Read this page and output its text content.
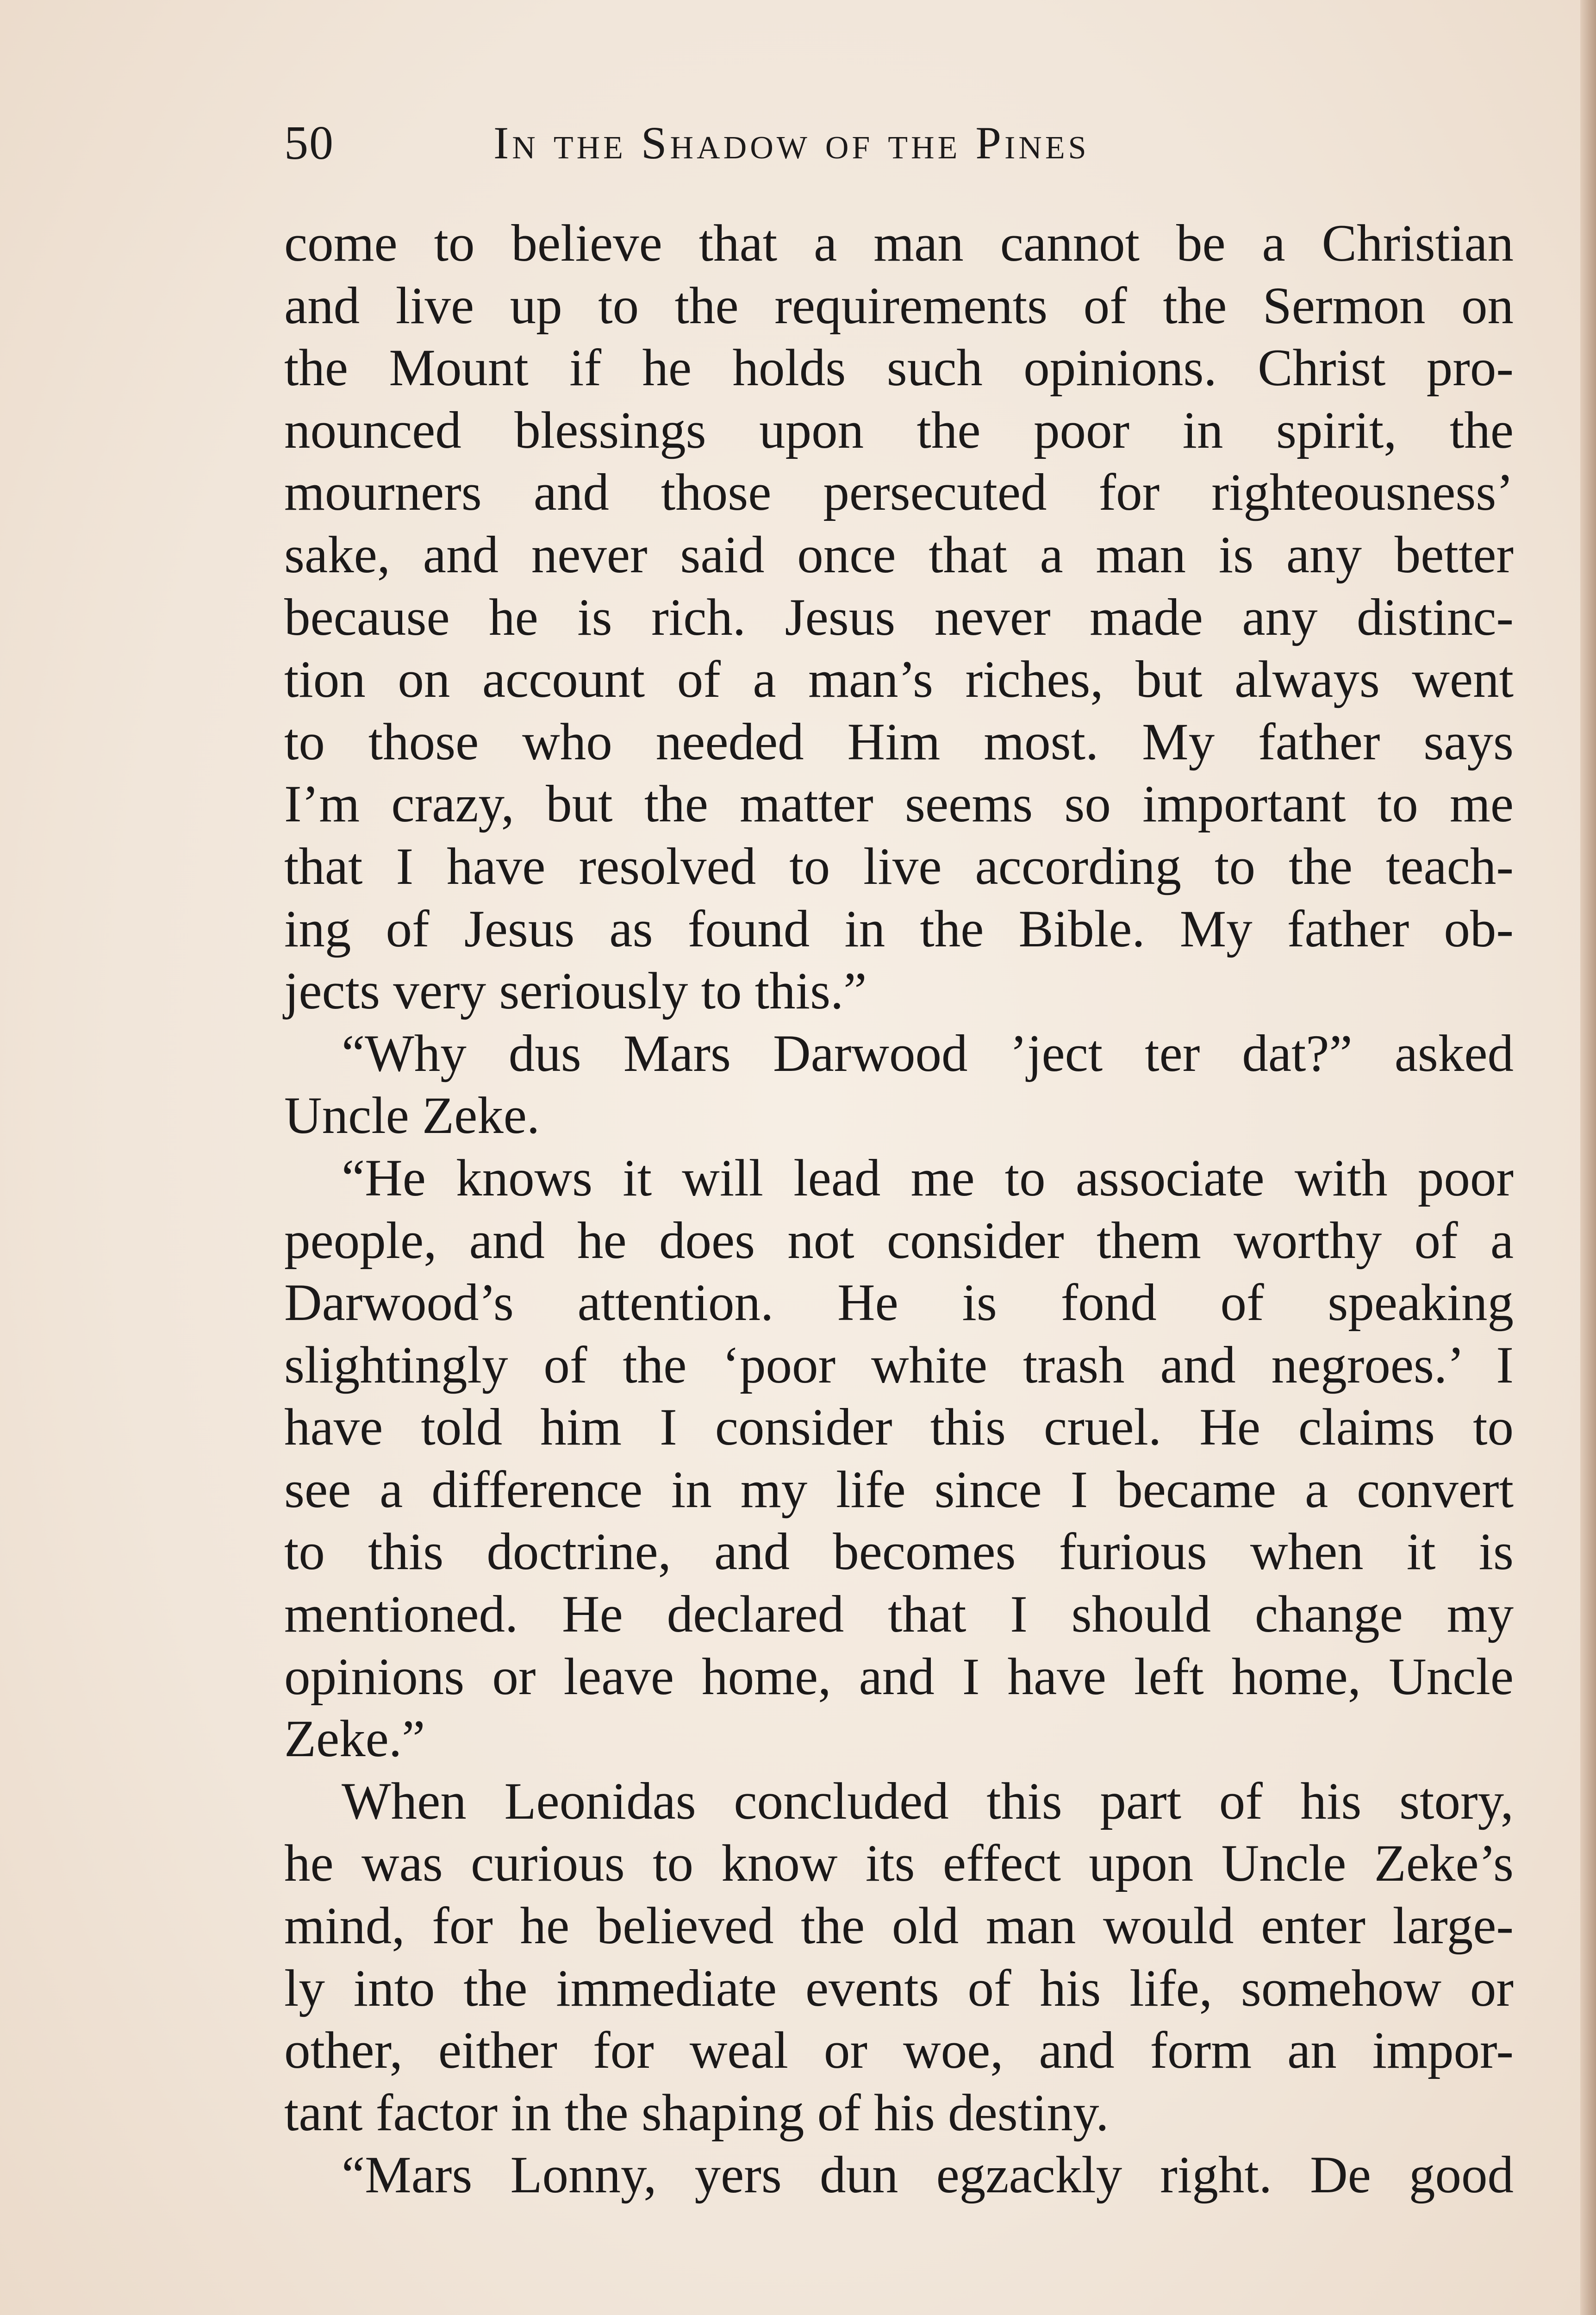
50	In the Shadow of the Pines
come to believe that a man cannot be a Christian
and live up to the requirements of the Sermon on
the Mount if he holds such opinions. Christ pro-
nounced blessings upon the poor in spirit, the
mourners and those persecuted for righteousness’
sake, and never said once that a man is any better
because he is rich. Jesus never made any distinc-
tion on account of a man’s riches, but always went
to those who needed Him most. My father says
I’m crazy, but the matter seems so important to me
that I have resolved to live according to the teach-
ing of Jesus as found in the Bible. My father ob-
jects very seriously to this.”
“Why dus Mars Darwood ’ject ter dat?” asked
Uncle Zeke.
“He knows it will lead me to associate with poor
people, and he does not consider them worthy of a
Darwood’s attention. He is fond of speaking
slightingly of the ‘poor white trash and negroes.’ I
have told him I consider this cruel. He claims to
see a difference in my life since I became a convert
to this doctrine, and becomes furious when it is
mentioned. He declared that I should change my
opinions or leave home, and I have left home, Uncle
Zeke.”
When Leonidas concluded this part of his story,
he was curious to know its effect upon Uncle Zeke’s
mind, for he believed the old man would enter large-
ly into the immediate events of his life, somehow or
other, either for weal or woe, and form an impor-
tant factor in the shaping of his destiny.
“Mars Lonny, yers dun egzackly right. De good
